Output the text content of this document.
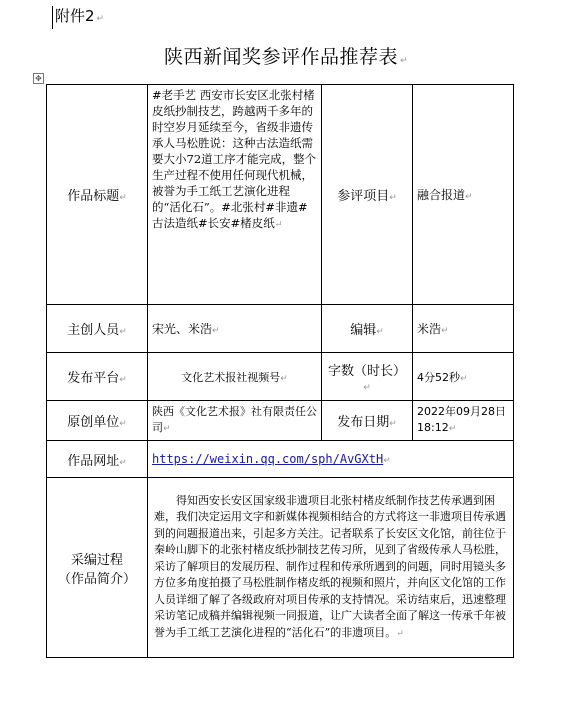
附件2 ↵
陕西新闻奖参评作品推荐表 ↵
✥
作品标题↵	#老手艺 西安市长安区北张村楮皮纸抄制技艺，跨越两千多年的时空岁月延续至今，省级非遗传承人马松胜说：这种古法造纸需要大小72道工序才能完成，整个生产过程不使用任何现代机械，被誉为手工纸工艺演化进程的“活化石”。#北张村#非遗#古法造纸#长安#楮皮纸↵	参评项目↵	融合报道↵
主创人员↵	宋光、米浩↵	编辑↵	米浩↵
发布平台↵	文化艺术报社视频号↵	字数（时长）↵	4分52秒↵
原创单位↵	陕西《文化艺术报》社有限责任公司↵	发布日期↵	2022年09月28日 18:12↵
作品网址↵	https://weixin.qq.com/sph/AvGXtH↵		

采编过程
（作品简介）	得知西安长安区国家级非遗项目北张村楮皮纸制作技艺传承遇到困难，我们决定运用文字和新媒体视频相结合的方式将这一非遗项目传承遇到的问题报道出来，引起多方关注。记者联系了长安区文化馆，前往位于秦岭山脚下的北张村楮皮纸抄制技艺传习所，见到了省级传承人马松胜，采访了解项目的发展历程、制作过程和传承所遇到的问题，同时用镜头多方位多角度拍摄了马松胜制作楮皮纸的视频和照片，并向区文化馆的工作人员详细了解了各级政府对项目传承的支持情况。采访结束后，迅速整理采访笔记成稿并编辑视频一同报道，让广大读者全面了解这一传承千年被誉为手工纸工艺演化进程的“活化石”的非遗项目。↵		
